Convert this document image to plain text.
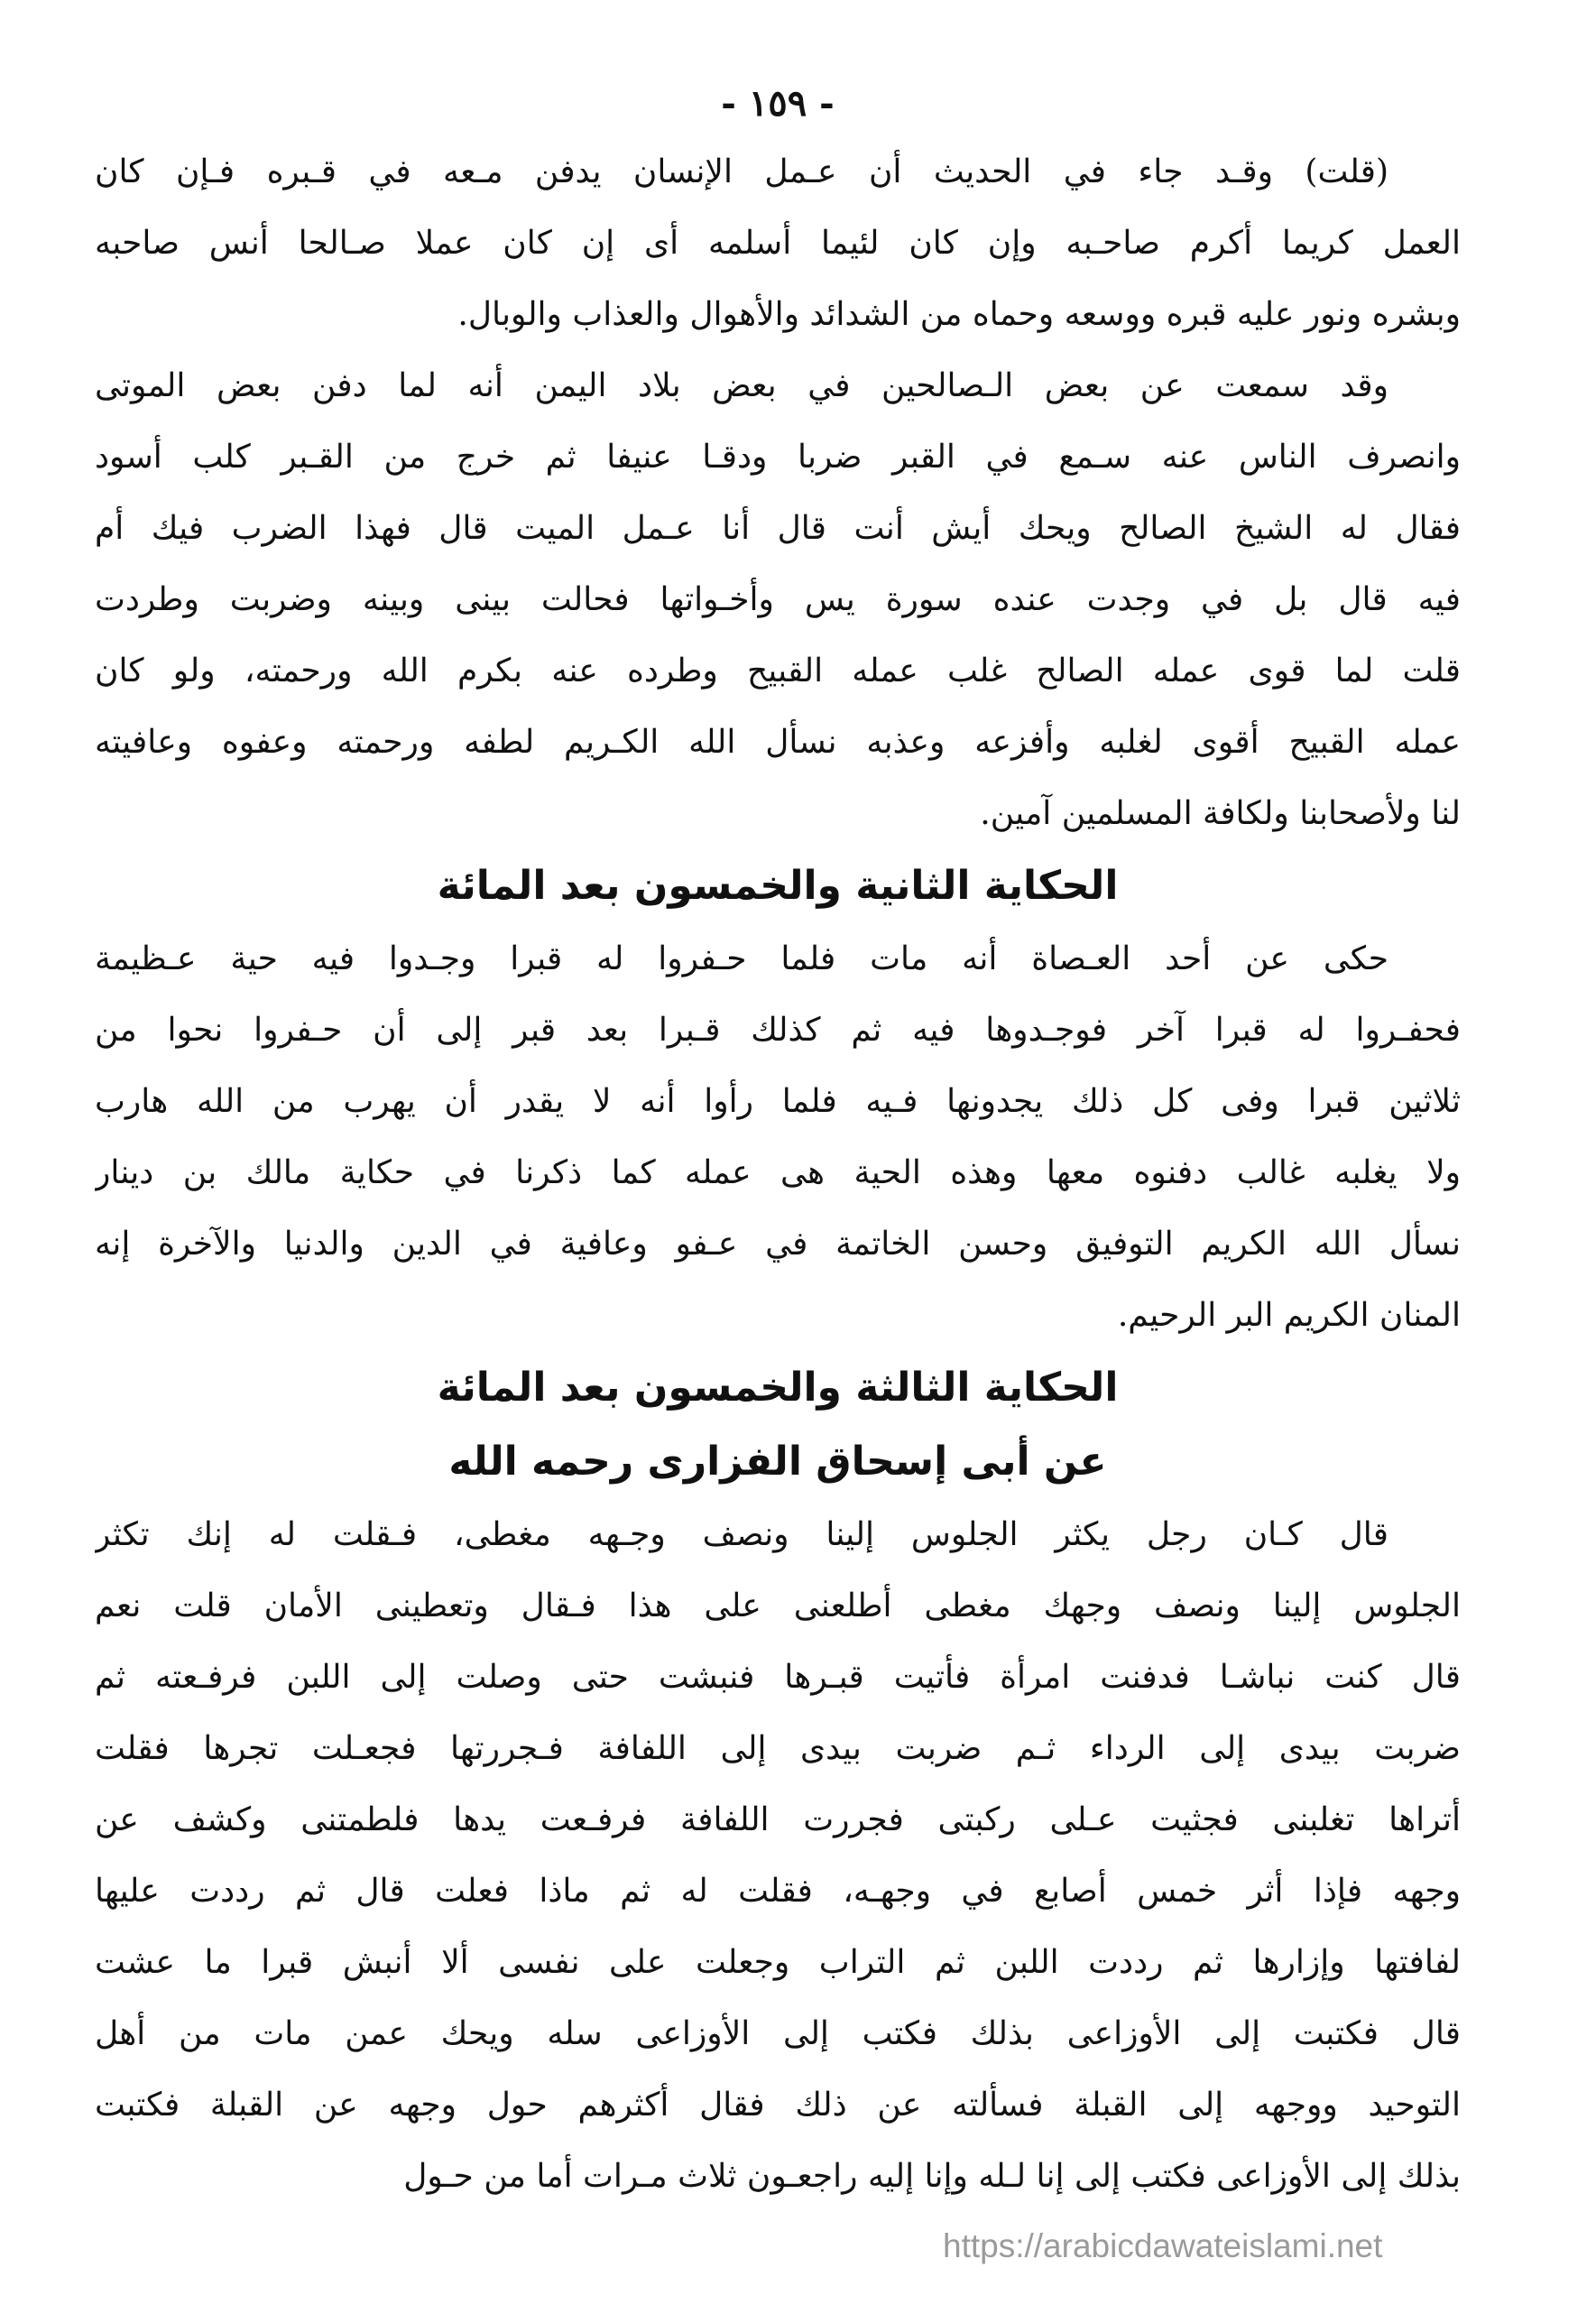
- ١٥٩ -
(قلت) وقـد جاء في الحديث أن عـمل الإنسان يدفن مـعه في قـبره فـإن كان
العمل كريما أكرم صاحـبه وإن كان لئيما أسلمه أى إن كان عملا صـالحا أنس صاحبه
وبشره ونور عليه قبره ووسعه وحماه من الشدائد والأهوال والعذاب والوبال.
وقد سمعت عن بعض الـصالحين في بعض بلاد اليمن أنه لما دفن بعض الموتى
وانصرف الناس عنه سـمع في القبر ضربا ودقـا عنيفا ثم خرج من القـبر كلب أسود
فقال له الشيخ الصالح ويحك أيش أنت قال أنا عـمل الميت قال فهذا الضرب فيك أم
فيه قال بل في وجدت عنده سورة يس وأخـواتها فحالت بينى وبينه وضربت وطردت
قلت لما قوى عمله الصالح غلب عمله القبيح وطرده عنه بكرم الله ورحمته، ولو كان
عمله القبيح أقوى لغلبه وأفزعه وعذبه نسأل الله الكـريم لطفه ورحمته وعفوه وعافيته
لنا ولأصحابنا ولكافة المسلمين آمين.
الحكاية الثانية والخمسون بعد المائة
حكى عن أحد العـصاة أنه مات فلما حـفروا له قبرا وجـدوا فيه حية عـظيمة
فحفـروا له قبرا آخر فوجـدوها فيه ثم كذلك قـبرا بعد قبر إلى أن حـفروا نحوا من
ثلاثين قبرا وفى كل ذلك يجدونها فـيه فلما رأوا أنه لا يقدر أن يهرب من الله هارب
ولا يغلبه غالب دفنوه معها وهذه الحية هى عمله كما ذكرنا في حكاية مالك بن دينار
نسأل الله الكريم التوفيق وحسن الخاتمة في عـفو وعافية في الدين والدنيا والآخرة إنه
المنان الكريم البر الرحيم.
الحكاية الثالثة والخمسون بعد المائة
عن أبى إسحاق الفزارى رحمه الله
قال كـان رجل يكثر الجلوس إلينا ونصف وجـهه مغطى، فـقلت له إنك تكثر
الجلوس إلينا ونصف وجهك مغطى أطلعنى على هذا فـقال وتعطينى الأمان قلت نعم
قال كنت نباشـا فدفنت امرأة فأتيت قبـرها فنبشت حتى وصلت إلى اللبن فرفـعته ثم
ضربت بيدى إلى الرداء ثـم ضربت بيدى إلى اللفافة فـجررتها فجعـلت تجرها فقلت
أتراها تغلبنى فجثيت عـلى ركبتى فجررت اللفافة فرفـعت يدها فلطمتنى وكشف عن
وجهه فإذا أثر خمس أصابع في وجهـه، فقلت له ثم ماذا فعلت قال ثم رددت عليها
لفافتها وإزارها ثم رددت اللبن ثم التراب وجعلت على نفسى ألا أنبش قبرا ما عشت
قال فكتبت إلى الأوزاعى بذلك فكتب إلى الأوزاعى سله ويحك عمن مات من أهل
التوحيد ووجهه إلى القبلة فسألته عن ذلك فقال أكثرهم حول وجهه عن القبلة فكتبت
بذلك إلى الأوزاعى فكتب إلى إنا لـله وإنا إليه راجعـون ثلاث مـرات أما من حـول
https://arabicdawateislami.net
